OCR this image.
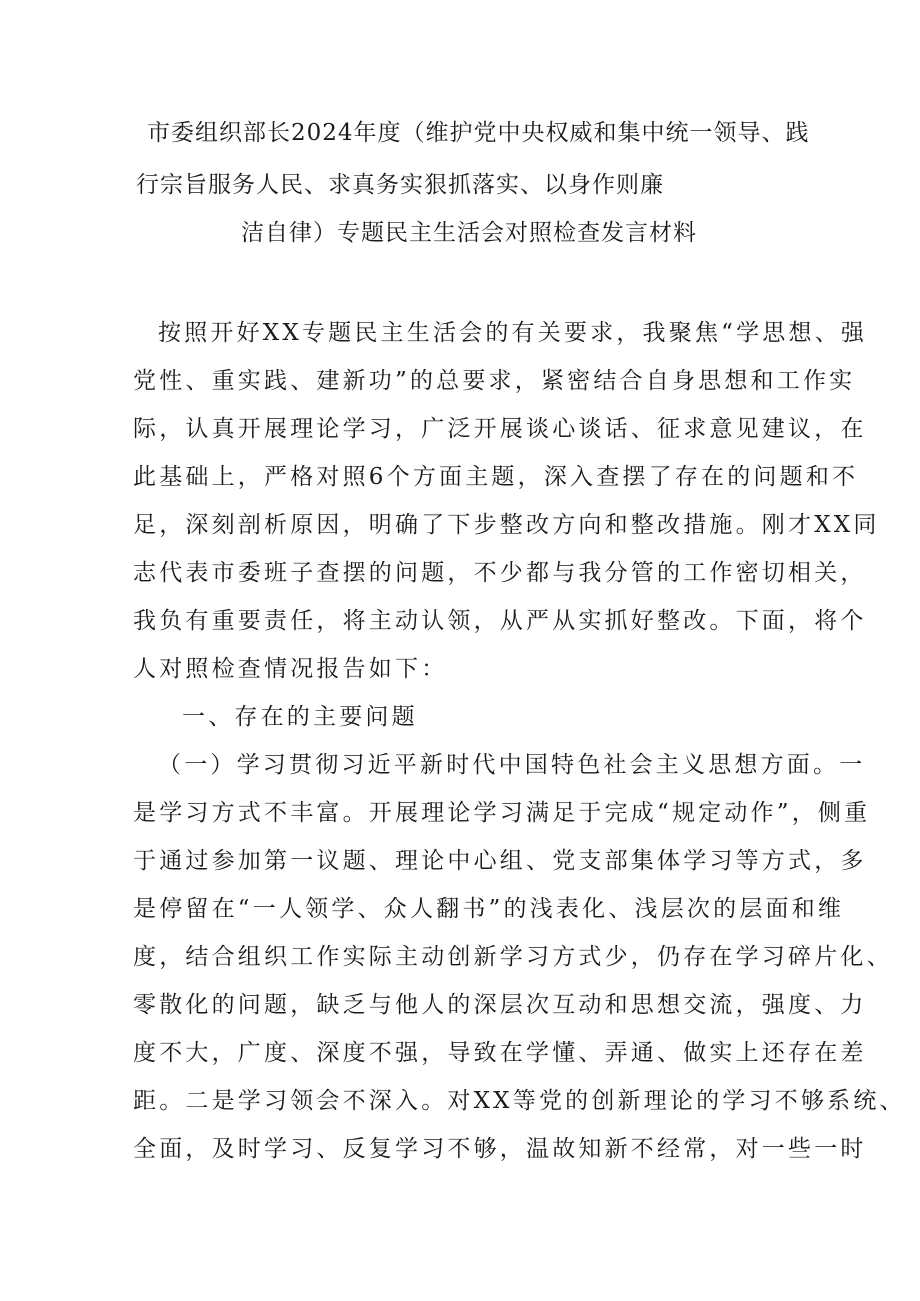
市委组织部长2024年度（维护党中央权威和集中统一领导、践
行宗旨服务人民、求真务实狠抓落实、以身作则廉
洁自律）专题民主生活会对照检查发言材料
按照开好XX专题民主生活会的有关要求，我聚焦“学思想、强
党性、重实践、建新功”的总要求，紧密结合自身思想和工作实
际，认真开展理论学习，广泛开展谈心谈话、征求意见建议，在
此基础上，严格对照6个方面主题，深入查摆了存在的问题和不
足，深刻剖析原因，明确了下步整改方向和整改措施。刚才XX同
志代表市委班子查摆的问题，不少都与我分管的工作密切相关，
我负有重要责任，将主动认领，从严从实抓好整改。下面，将个
人对照检查情况报告如下：
一、存在的主要问题
（一）学习贯彻习近平新时代中国特色社会主义思想方面。一
是学习方式不丰富。开展理论学习满足于完成“规定动作”，侧重
于通过参加第一议题、理论中心组、党支部集体学习等方式，多
是停留在“一人领学、众人翻书”的浅表化、浅层次的层面和维
度，结合组织工作实际主动创新学习方式少，仍存在学习碎片化、
零散化的问题，缺乏与他人的深层次互动和思想交流，强度、力
度不大，广度、深度不强，导致在学懂、弄通、做实上还存在差
距。二是学习领会不深入。对XX等党的创新理论的学习不够系统、
全面，及时学习、反复学习不够，温故知新不经常，对一些一时
